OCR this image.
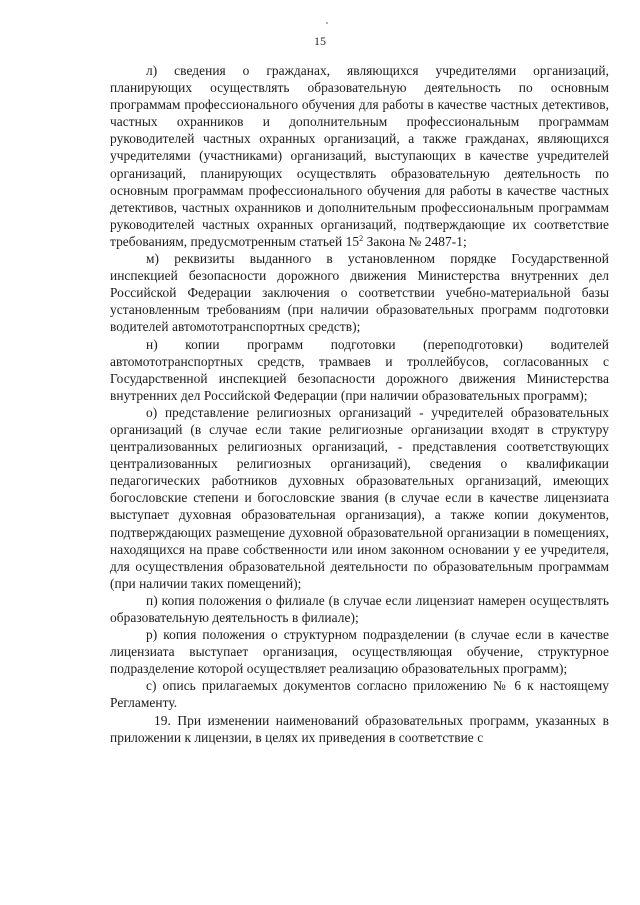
15

л) сведения о гражданах, являющихся учредителями организаций, планирующих осуществлять образовательную деятельность по основным программам профессионального обучения для работы в качестве частных детективов, частных охранников и дополнительным профессиональным программам руководителей частных охранных организаций, а также гражданах, являющихся учредителями (участниками) организаций, выступающих в качестве учредителей организаций, планирующих осуществлять образовательную деятельность по основным программам профессионального обучения для работы в качестве частных детективов, частных охранников и дополнительным профессиональным программам руководителей частных охранных организаций, подтверждающие их соответствие требованиям, предусмотренным статьей $15^2$ Закона № 2487-1;

м) реквизиты выданного в установленном порядке Государственной инспекцией безопасности дорожного движения Министерства внутренних дел Российской Федерации заключения о соответствии учебно-материальной базы установленным требованиям (при наличии образовательных программ подготовки водителей автомототранспортных средств);

н) копии программ подготовки (переподготовки) водителей автомототранспортных средств, трамваев и троллейбусов, согласованных с Государственной инспекцией безопасности дорожного движения Министерства внутренних дел Российской Федерации (при наличии образовательных программ);

о) представление религиозных организаций - учредителей образовательных организаций (в случае если такие религиозные организации входят в структуру централизованных религиозных организаций, - представления соответствующих централизованных религиозных организаций), сведения о квалификации педагогических работников духовных образовательных организаций, имеющих богословские степени и богословские звания (в случае если в качестве лицензиата выступает духовная образовательная организация), а также копии документов, подтверждающих размещение духовной образовательной организации в помещениях, находящихся на праве собственности или ином законном основании у ее учредителя, для осуществления образовательной деятельности по образовательным программам (при наличии таких помещений);

п) копия положения о филиале (в случае если лицензиат намерен осуществлять образовательную деятельность в филиале);

р) копия положения о структурном подразделении (в случае если в качестве лицензиата выступает организация, осуществляющая обучение, структурное подразделение которой осуществляет реализацию образовательных программ);

с) опись прилагаемых документов согласно приложению № 6 к настоящему Регламенту.

19. При изменении наименований образовательных программ, указанных в приложении к лицензии, в целях их приведения в соответствие с
